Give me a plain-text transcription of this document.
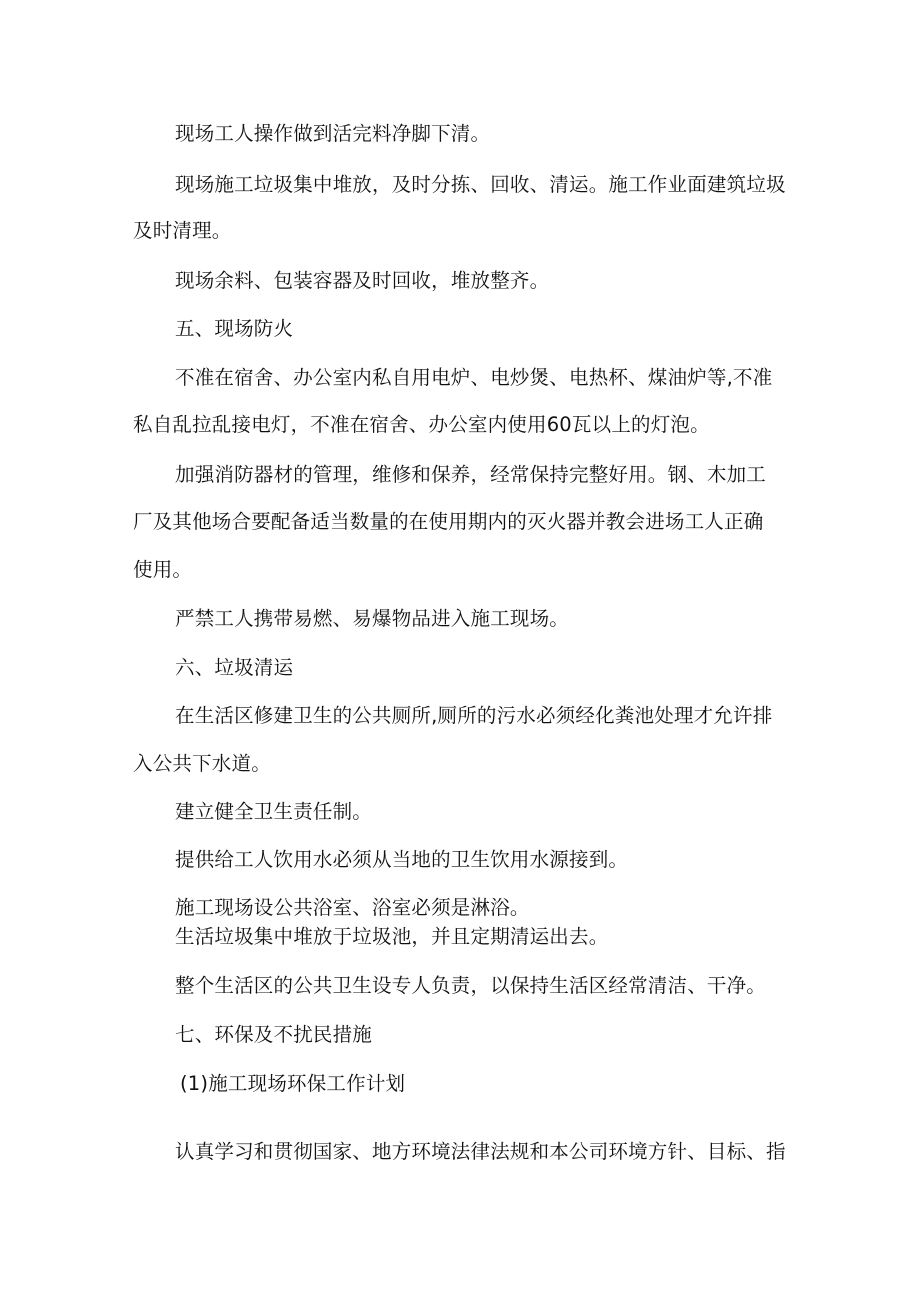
现场工人操作做到活完料净脚下清。
现场施工垃圾集中堆放，及时分拣、回收、清运。施工作业面建筑垃圾
及时清理。
现场余料、包装容器及时回收，堆放整齐。
五、现场防火
不准在宿舍、办公室内私自用电炉、电炒煲、电热杯、煤油炉等,不准
私自乱拉乱接电灯，不准在宿舍、办公室内使用60瓦以上的灯泡。
加强消防器材的管理，维修和保养，经常保持完整好用。钢、木加工
厂及其他场合要配备适当数量的在使用期内的灭火器并教会进场工人正确
使用。
严禁工人携带易燃、易爆物品进入施工现场。
六、垃圾清运
在生活区修建卫生的公共厕所,厕所的污水必须经化粪池处理才允许排
入公共下水道。
建立健全卫生责任制。
提供给工人饮用水必须从当地的卫生饮用水源接到。
施工现场设公共浴室、浴室必须是淋浴。
生活垃圾集中堆放于垃圾池，并且定期清运出去。
整个生活区的公共卫生设专人负责，以保持生活区经常清洁、干净。
七、环保及不扰民措施
(1)施工现场环保工作计划
认真学习和贯彻国家、地方环境法律法规和本公司环境方针、目标、指
